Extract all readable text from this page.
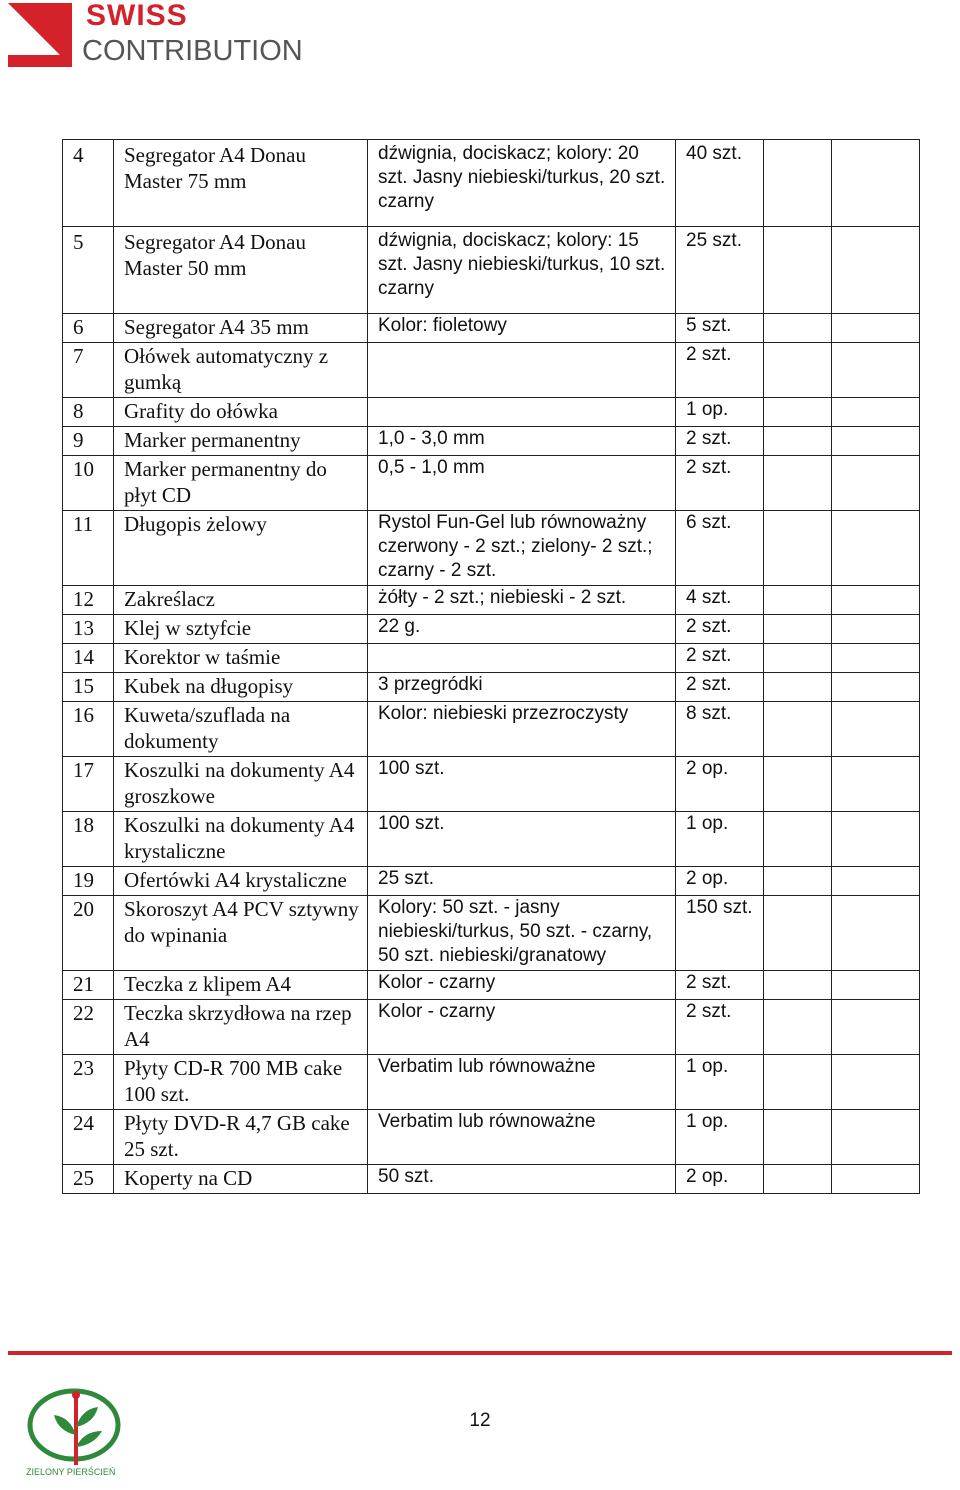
SWISS
CONTRIBUTION
4	Segregator A4 Donau Master 75 mm	dźwignia, dociskacz; kolory: 20 szt. Jasny niebieski/turkus, 20 szt. czarny	40 szt.		
5	Segregator A4 Donau Master 50 mm	dźwignia, dociskacz; kolory: 15 szt. Jasny niebieski/turkus, 10 szt. czarny	25 szt.		
6	Segregator A4 35 mm	Kolor: fioletowy	5 szt.		
7	Ołówek automatyczny z gumką		2 szt.		
8	Grafity do ołówka		1 op.		
9	Marker permanentny	1,0 - 3,0 mm	2 szt.		
10	Marker permanentny do płyt CD	0,5 - 1,0 mm	2 szt.		
11	Długopis żelowy	Rystol Fun-Gel lub równoważny czerwony - 2 szt.; zielony- 2 szt.; czarny - 2 szt.	6 szt.		
12	Zakreślacz	żółty - 2 szt.; niebieski - 2 szt.	4 szt.		
13	Klej w sztyfcie	22 g.	2 szt.		
14	Korektor w taśmie		2 szt.		
15	Kubek na długopisy	3 przegródki	2 szt.		
16	Kuweta/szuflada na dokumenty	Kolor: niebieski przezroczysty	8 szt.		
17	Koszulki na dokumenty A4 groszkowe	100 szt.	2 op.		
18	Koszulki na dokumenty A4 krystaliczne	100 szt.	1 op.		
19	Ofertówki A4 krystaliczne	25 szt.	2 op.		
20	Skoroszyt A4 PCV sztywny do wpinania	Kolory: 50 szt. - jasny niebieski/turkus, 50 szt. - czarny, 50 szt. niebieski/granatowy	150 szt.		
21	Teczka z klipem A4	Kolor - czarny	2 szt.		
22	Teczka skrzydłowa na rzep A4	Kolor - czarny	2 szt.		
23	Płyty CD-R 700 MB cake 100 szt.	Verbatim lub równoważne	1 op.		
24	Płyty DVD-R 4,7 GB cake 25 szt.	Verbatim lub równoważne	1 op.		
25	Koperty na CD	50 szt.	2 op.		
ZIELONY PIERŚCIEŃ
12
